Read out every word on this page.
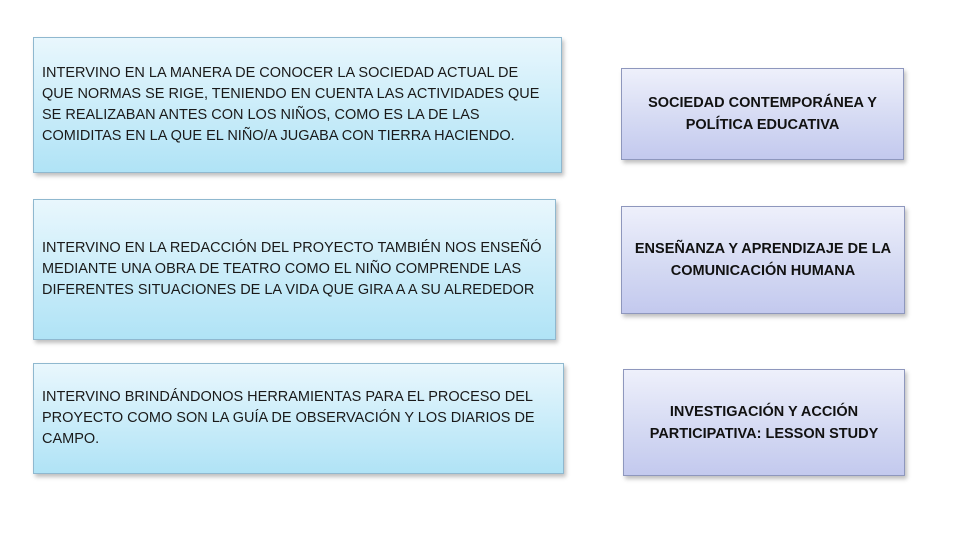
INTERVINO EN LA MANERA DE CONOCER LA SOCIEDAD ACTUAL DE QUE NORMAS SE RIGE, TENIENDO EN CUENTA LAS ACTIVIDADES QUE SE REALIZABAN ANTES CON LOS NIÑOS, COMO ES LA DE LAS COMIDITAS EN LA QUE EL NIÑO/A JUGABA CON TIERRA HACIENDO.
SOCIEDAD CONTEMPORÁNEA Y POLÍTICA EDUCATIVA
INTERVINO EN LA REDACCIÓN DEL PROYECTO TAMBIÉN NOS ENSEÑÓ MEDIANTE UNA OBRA DE TEATRO COMO EL NIÑO COMPRENDE LAS DIFERENTES SITUACIONES DE LA VIDA QUE GIRA A A SU ALREDEDOR
ENSEÑANZA Y APRENDIZAJE DE LA COMUNICACIÓN HUMANA
INTERVINO BRINDÁNDONOS HERRAMIENTAS PARA EL PROCESO DEL PROYECTO COMO SON LA GUÍA DE OBSERVACIÓN Y LOS DIARIOS DE CAMPO.
INVESTIGACIÓN Y ACCIÓN PARTICIPATIVA: LESSON STUDY
